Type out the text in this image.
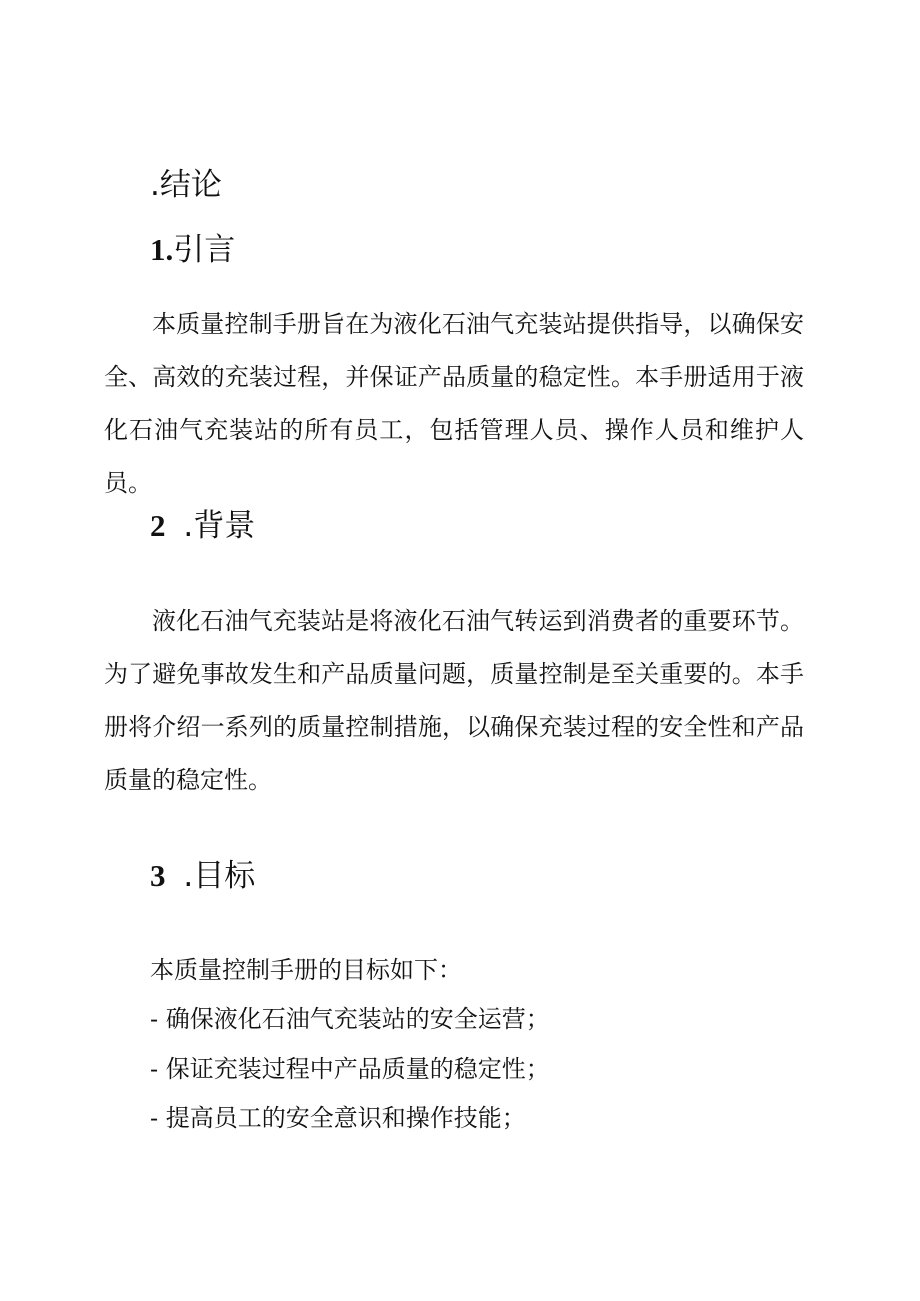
.结论
1.引言

本质量控制手册旨在为液化石油气充装站提供指导，以确保安全、高效的充装过程，并保证产品质量的稳定性。本手册适用于液化石油气充装站的所有员工，包括管理人员、操作人员和维护人员。

2 .背景

液化石油气充装站是将液化石油气转运到消费者的重要环节。为了避免事故发生和产品质量问题，质量控制是至关重要的。本手册将介绍一系列的质量控制措施，以确保充装过程的安全性和产品质量的稳定性。

3 .目标

本质量控制手册的目标如下：

- 确保液化石油气充装站的安全运营；

- 保证充装过程中产品质量的稳定性；

- 提高员工的安全意识和操作技能；
